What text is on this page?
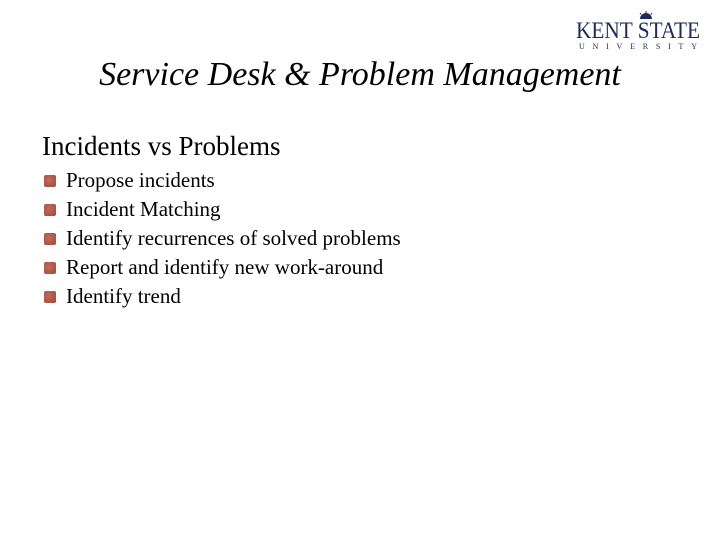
KENT STATE
UNIVERSITY
Service Desk & Problem Management
Incidents vs Problems
Propose incidents
Incident Matching
Identify recurrences of solved problems
Report and identify new work-around
Identify trend
